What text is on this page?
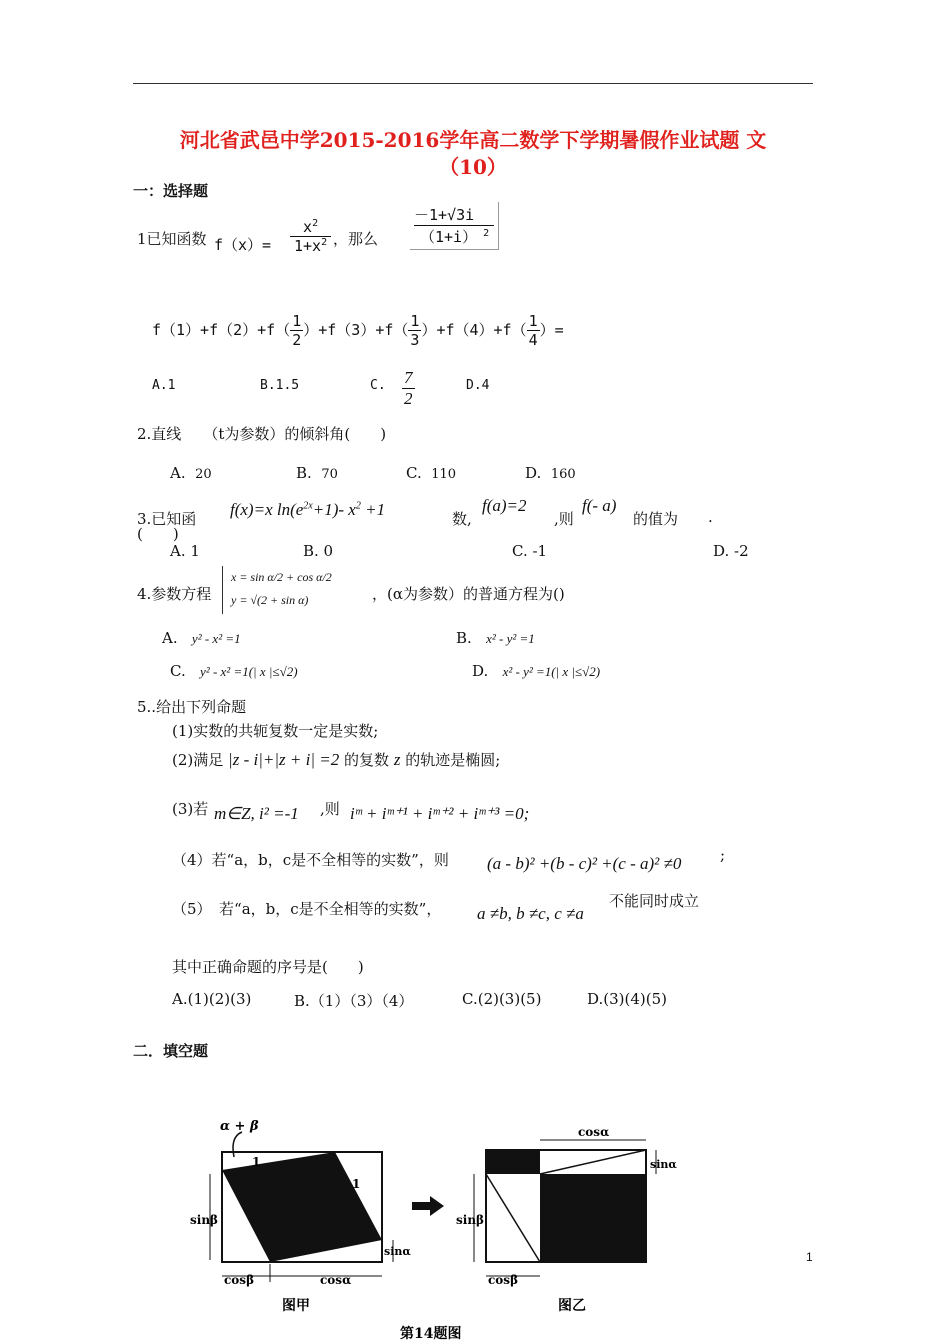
河北省武邑中学2015-2016学年高二数学下学期暑假作业试题 文
（10）
一：选择题
1已知函数 f（x）=
$x^2$
$1+x^2$ ，那么
－1+√3i
（1+i） $^2$
$f(1)+f(2)+f( \frac{1}{2} )+f(3)+f( \frac{1}{3} )+f(4)+f( \frac{1}{4}$ ）=
A.1	B.1.5	C. $\frac{7}{2}$	D.4
2.直线 （t为参数）的倾斜角(　　)
A. 20	B. 70	C. 110	D. 160
3.已知函
(　　)
f(x)=x $\ln(e^{2x}+1)-$ $x^2 +1$	数,
f(a)=2
,则
f(- a)
的值为 .
A. 1	B. 0	C. -1	D. -2
4.参数方程
x = sin α/2 + cos α/2
y = √(2 + sin α)	，(α为参数）的普通方程为()
A. y² - x² =1	B. x² - y² =1
C. y² - x² =1(| x |≤√2)	D. x² - y² =1(| x |≤√2)
5..给出下列命题
(1)实数的共轭复数一定是实数;
(2)满足 |z - i|+|z + i| =2 的复数 z 的轨迹是椭圆;
(3)若 m∈Z, i² =-1 ,则 iᵐ + iᵐ⁺¹ + iᵐ⁺² + iᵐ⁺³ =0;
（4）若“a，b，c是不全相等的实数”，则 (a - b)² +(b - c)² +(c - a)² ≠0	;
（5）　若“a，b，c是不全相等的实数”， a ≠b, b ≠c, c ≠a
不能同时成立
其中正确命题的序号是(　　)
A.(1)(2)(3)	B.（1）（3）（4）	C.(2)(3)(5)	D.(3)(4)(5)
二．填空题
α + β
1
1
sinβ
sinα
cosβ	cosα
图甲
cosα
sinα
sinβ
cosβ
图乙
第14题图
1
